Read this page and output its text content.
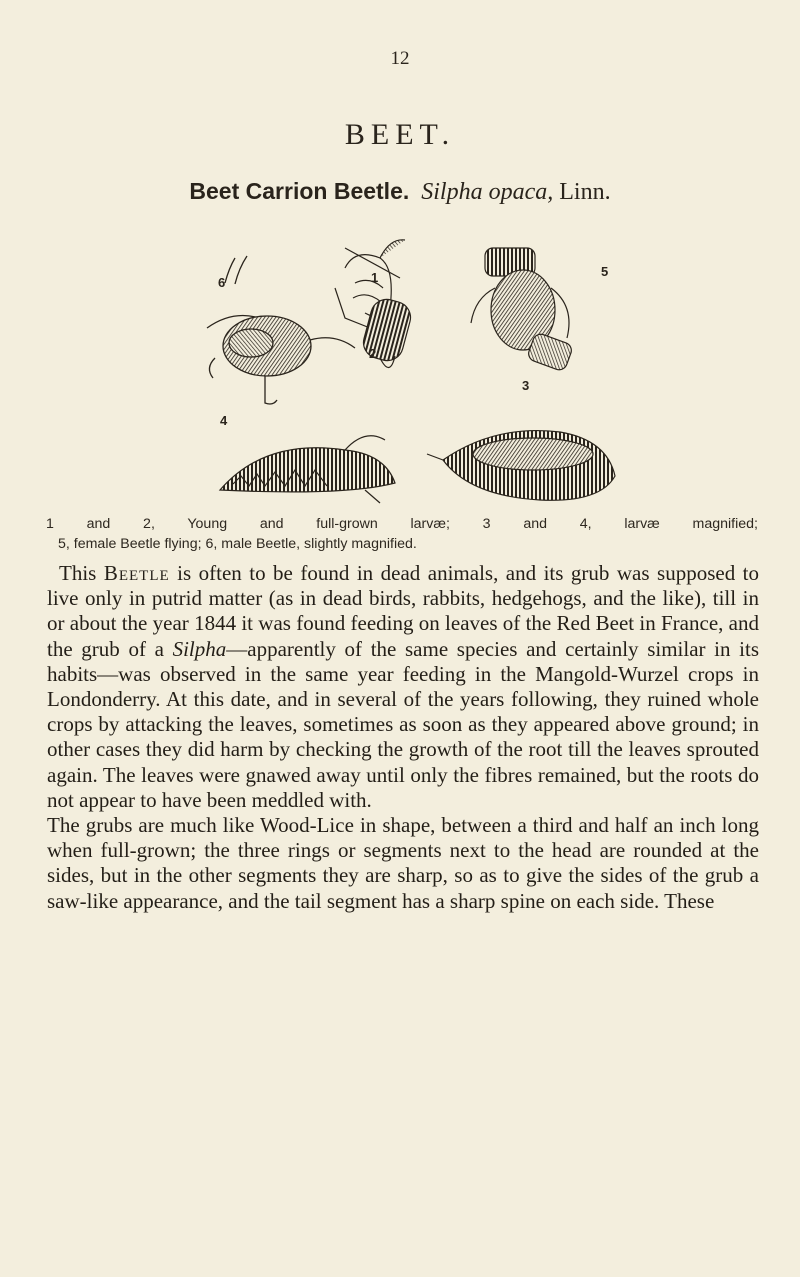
12
BEET.
Beet Carrion Beetle. Silpha opaca, Linn.
6	1
2
5
3
4

1 and 2, Young and full-grown larvæ; 3 and 4, larvæ magnified;

5, female Beetle flying; 6, male Beetle, slightly magnified.

This Beetle is often to be found in dead animals, and its grub was supposed to live only in putrid matter (as in dead birds, rabbits, hedgehogs, and the like), till in or about the year 1844 it was found feeding on leaves of the Red Beet in France, and the grub of a Silpha—apparently of the same species and certainly similar in its habits—was observed in the same year feeding in the Mangold-Wurzel crops in Londonderry. At this date, and in several of the years following, they ruined whole crops by attacking the leaves, sometimes as soon as they appeared above ground; in other cases they did harm by checking the growth of the root till the leaves sprouted again. The leaves were gnawed away until only the fibres remained, but the roots do not appear to have been meddled with.

The grubs are much like Wood-Lice in shape, between a third and half an inch long when full-grown; the three rings or segments next to the head are rounded at the sides, but in the other segments they are sharp, so as to give the sides of the grub a saw-like appearance, and the tail segment has a sharp spine on each side. These
